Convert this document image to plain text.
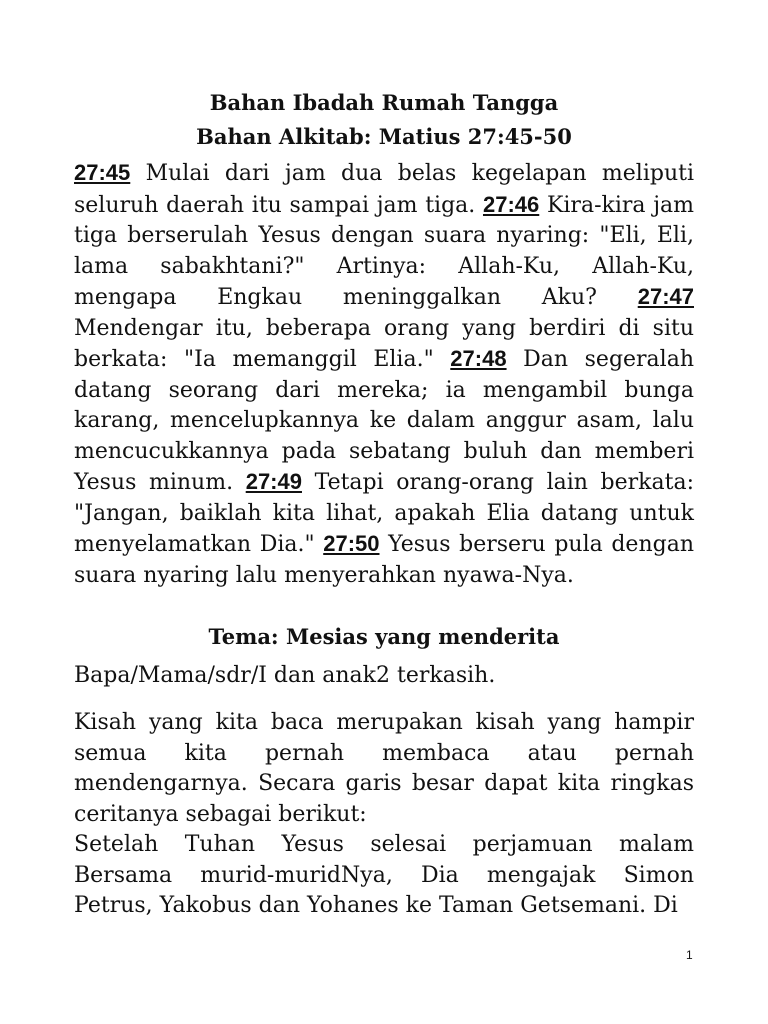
Bahan Ibadah Rumah Tangga
Bahan Alkitab: Matius 27:45-50
27:45 Mulai dari jam dua belas kegelapan meliputi seluruh daerah itu sampai jam tiga. 27:46 Kira-kira jam tiga berserulah Yesus dengan suara nyaring: "Eli, Eli, lama sabakhtani?" Artinya: Allah-Ku, Allah-Ku, mengapa Engkau meninggalkan Aku? 27:47 Mendengar itu, beberapa orang yang berdiri di situ berkata: "Ia memanggil Elia." 27:48 Dan segeralah datang seorang dari mereka; ia mengambil bunga karang, mencelupkannya ke dalam anggur asam, lalu mencucukkannya pada sebatang buluh dan memberi Yesus minum. 27:49 Tetapi orang-orang lain berkata: "Jangan, baiklah kita lihat, apakah Elia datang untuk menyelamatkan Dia." 27:50 Yesus berseru pula dengan suara nyaring lalu menyerahkan nyawa-Nya.
Tema: Mesias yang menderita
Bapa/Mama/sdr/I dan anak2 terkasih.
Kisah yang kita baca merupakan kisah yang hampir semua kita pernah membaca atau pernah mendengarnya. Secara garis besar dapat kita ringkas ceritanya sebagai berikut:
Setelah Tuhan Yesus selesai perjamuan malam Bersama murid-muridNya, Dia mengajak Simon Petrus, Yakobus dan Yohanes ke Taman Getsemani. Di
1
